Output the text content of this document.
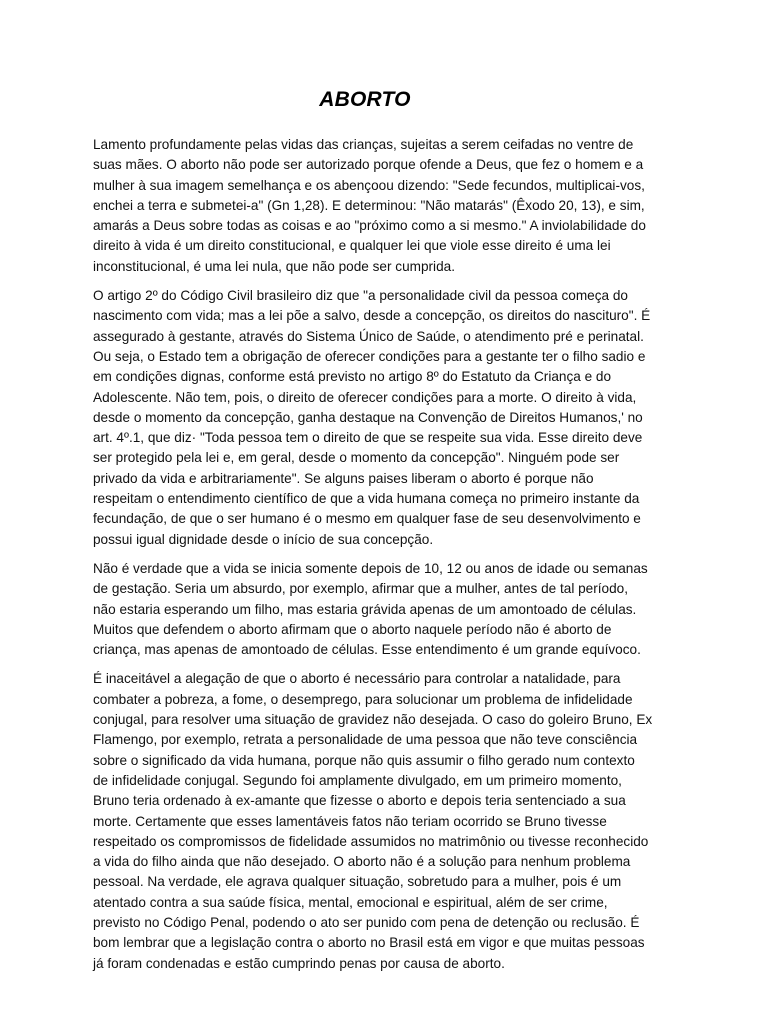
ABORTO

Lamento profundamente pelas vidas das crianças, sujeitas a serem ceifadas no ventre de
suas mães. O aborto não pode ser autorizado porque ofende a Deus, que fez o homem e a
mulher à sua imagem semelhança e os abençoou dizendo: "Sede fecundos, multiplicai-vos,
enchei a terra e submetei-a" (Gn 1,28). E determinou: "Não matarás" (Êxodo 20, 13), e sim,
amarás a Deus sobre todas as coisas e ao "próximo como a si mesmo." A inviolabilidade do
direito à vida é um direito constitucional, e qualquer lei que viole esse direito é uma lei
inconstitucional, é uma lei nula, que não pode ser cumprida.

O artigo 2º do Código Civil brasileiro diz que "a personalidade civil da pessoa começa do
nascimento com vida; mas a lei põe a salvo, desde a concepção, os direitos do nascituro". É
assegurado à gestante, através do Sistema Único de Saúde, o atendimento pré e perinatal.
Ou seja, o Estado tem a obrigação de oferecer condições para a gestante ter o filho sadio e
em condições dignas, conforme está previsto no artigo 8º do Estatuto da Criança e do
Adolescente. Não tem, pois, o direito de oferecer condições para a morte. O direito à vida,
desde o momento da concepção, ganha destaque na Convenção de Direitos Humanos,' no
art. 4º.1, que diz· "Toda pessoa tem o direito de que se respeite sua vida. Esse direito deve
ser protegido pela lei e, em geral, desde o momento da concepção". Ninguém pode ser
privado da vida e arbitrariamente". Se alguns paises liberam o aborto é porque não
respeitam o entendimento científico de que a vida humana começa no primeiro instante da
fecundação, de que o ser humano é o mesmo em qualquer fase de seu desenvolvimento e
possui igual dignidade desde o início de sua concepção.

Não é verdade que a vida se inicia somente depois de 10, 12 ou anos de idade ou semanas
de gestação. Seria um absurdo, por exemplo, afirmar que a mulher, antes de tal período,
não estaria esperando um filho, mas estaria grávida apenas de um amontoado de células.
Muitos que defendem o aborto afirmam que o aborto naquele período não é aborto de
criança, mas apenas de amontoado de células. Esse entendimento é um grande equívoco.

É inaceitável a alegação de que o aborto é necessário para controlar a natalidade, para
combater a pobreza, a fome, o desemprego, para solucionar um problema de infidelidade
conjugal, para resolver uma situação de gravidez não desejada. O caso do goleiro Bruno, Ex
Flamengo, por exemplo, retrata a personalidade de uma pessoa que não teve consciência
sobre o significado da vida humana, porque não quis assumir o filho gerado num contexto
de infidelidade conjugal. Segundo foi amplamente divulgado, em um primeiro momento,
Bruno teria ordenado à ex-amante que fizesse o aborto e depois teria sentenciado a sua
morte. Certamente que esses lamentáveis fatos não teriam ocorrido se Bruno tivesse
respeitado os compromissos de fidelidade assumidos no matrimônio ou tivesse reconhecido
a vida do filho ainda que não desejado. O aborto não é a solução para nenhum problema
pessoal. Na verdade, ele agrava qualquer situação, sobretudo para a mulher, pois é um
atentado contra a sua saúde física, mental, emocional e espiritual, além de ser crime,
previsto no Código Penal, podendo o ato ser punido com pena de detenção ou reclusão. É
bom lembrar que a legislação contra o aborto no Brasil está em vigor e que muitas pessoas
já foram condenadas e estão cumprindo penas por causa de aborto.
